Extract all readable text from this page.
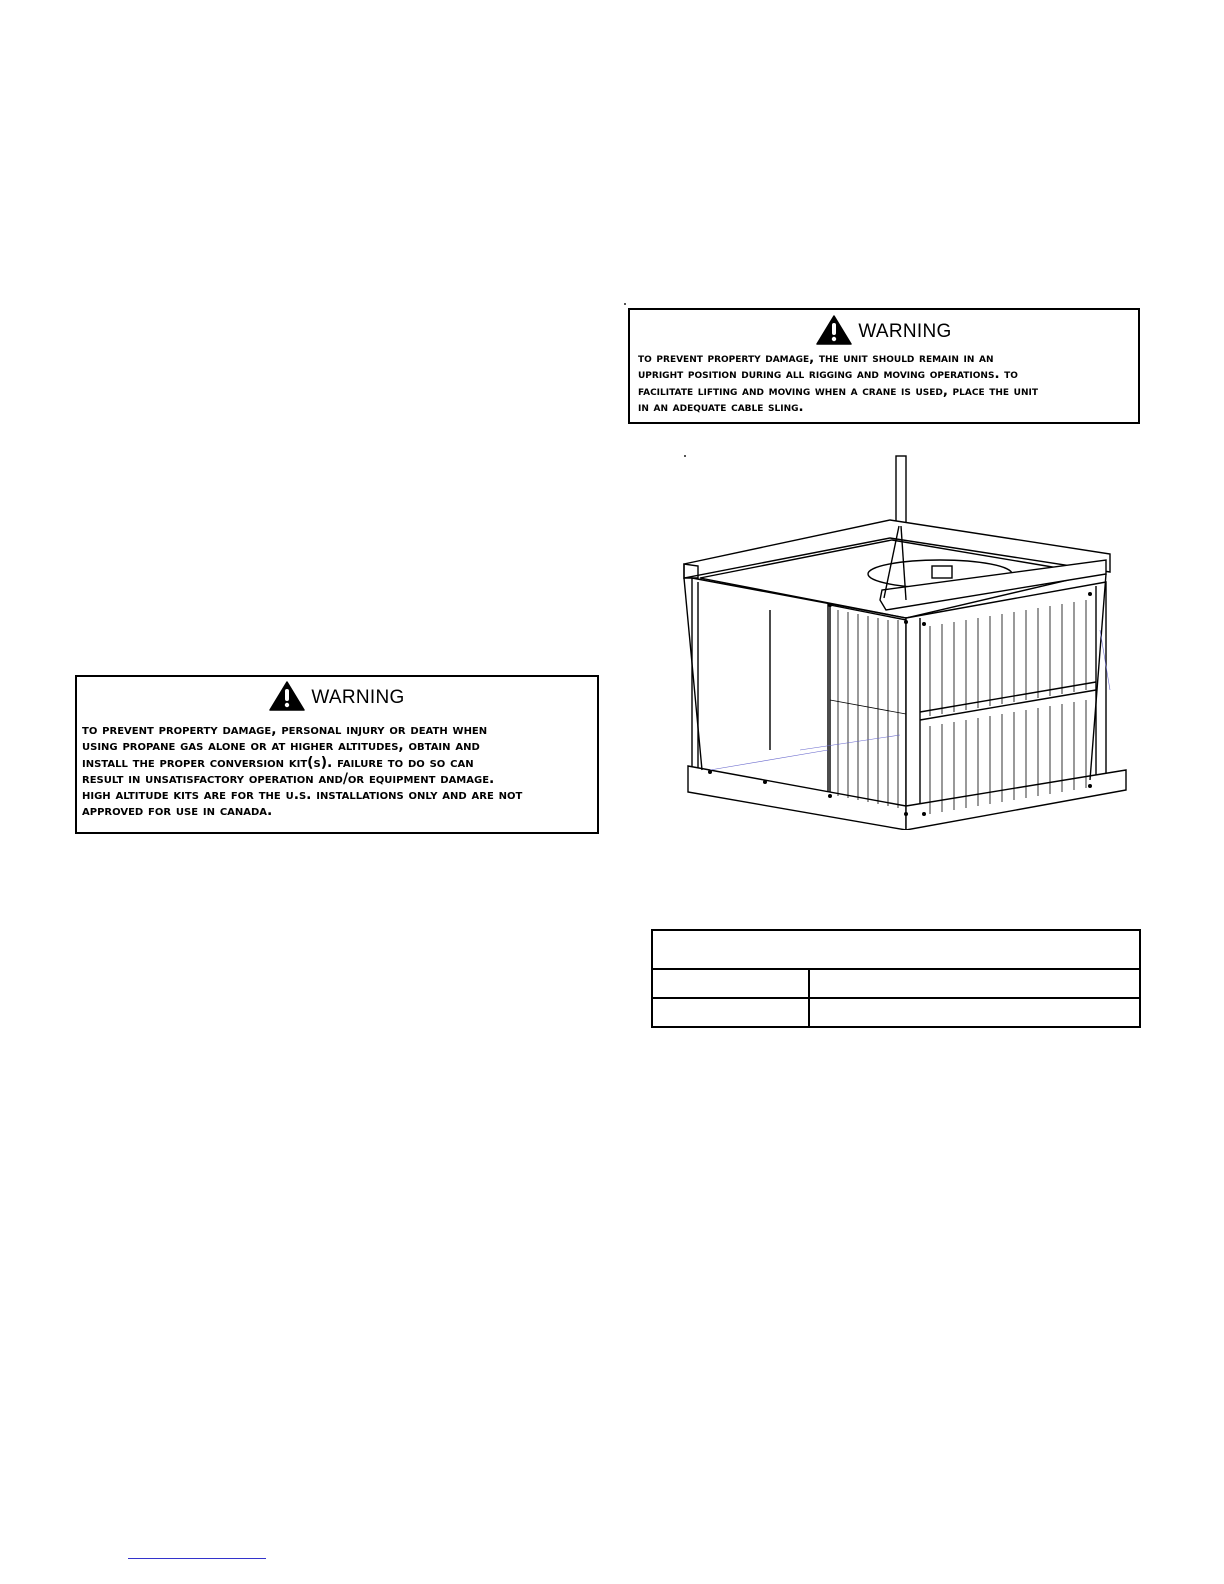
WARNING
to prevent property damage, personal injury or death when
using propane gas alone or at higher altitudes, obtain and
install the proper conversion kit(s). failure to do so can
result in unsatisfactory operation and/or equipment damage.
high altitude kits are for the u.s. installations only and are not
approved for use in canada.
WARNING
to prevent property damage, the unit should remain in an
upright position during all rigging and moving operations. to
facilitate lifting and moving when a crane is used, place the unit
in an adequate cable sling.
